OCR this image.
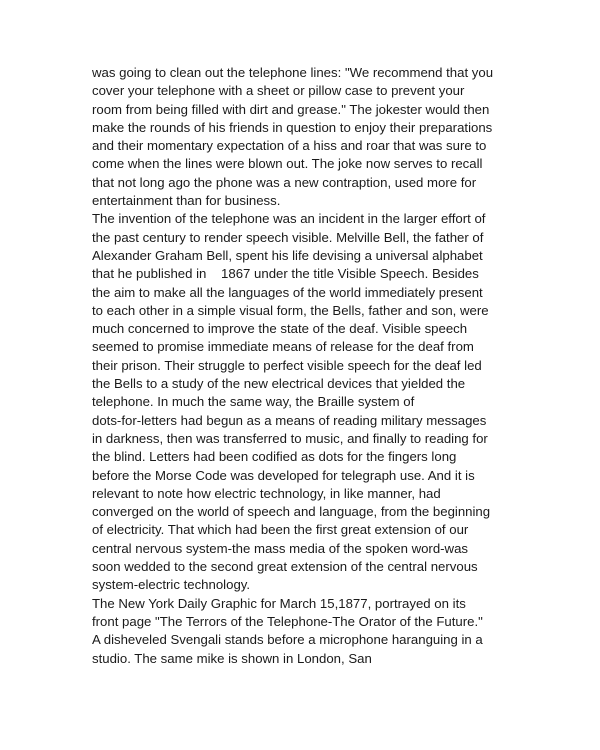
was going to clean out the telephone lines: "We recommend that you
cover your telephone with a sheet or pillow case to prevent your
room from being filled with dirt and grease." The jokester would then
make the rounds of his friends in question to enjoy their preparations
and their momentary expectation of a hiss and roar that was sure to
come when the lines were blown out. The joke now serves to recall
that not long ago the phone was a new contraption, used more for
entertainment than for business.
The invention of the telephone was an incident in the larger effort of
the past century to render speech visible. Melville Bell, the father of
Alexander Graham Bell, spent his life devising a universal alphabet
that he published in    1867 under the title Visible Speech. Besides
the aim to make all the languages of the world immediately present
to each other in a simple visual form, the Bells, father and son, were
much concerned to improve the state of the deaf. Visible speech
seemed to promise immediate means of release for the deaf from
their prison. Their struggle to perfect visible speech for the deaf led
the Bells to a study of the new electrical devices that yielded the
telephone. In much the same way, the Braille system of
dots-for-letters had begun as a means of reading military messages
in darkness, then was transferred to music, and finally to reading for
the blind. Letters had been codified as dots for the fingers long
before the Morse Code was developed for telegraph use. And it is
relevant to note how electric technology, in like manner, had
converged on the world of speech and language, from the beginning
of electricity. That which had been the first great extension of our
central nervous system-the mass media of the spoken word-was
soon wedded to the second great extension of the central nervous
system-electric technology.
The New York Daily Graphic for March 15,1877, portrayed on its
front page "The Terrors of the Telephone-The Orator of the Future."
A disheveled Svengali stands before a microphone haranguing in a
studio. The same mike is shown in London, San
